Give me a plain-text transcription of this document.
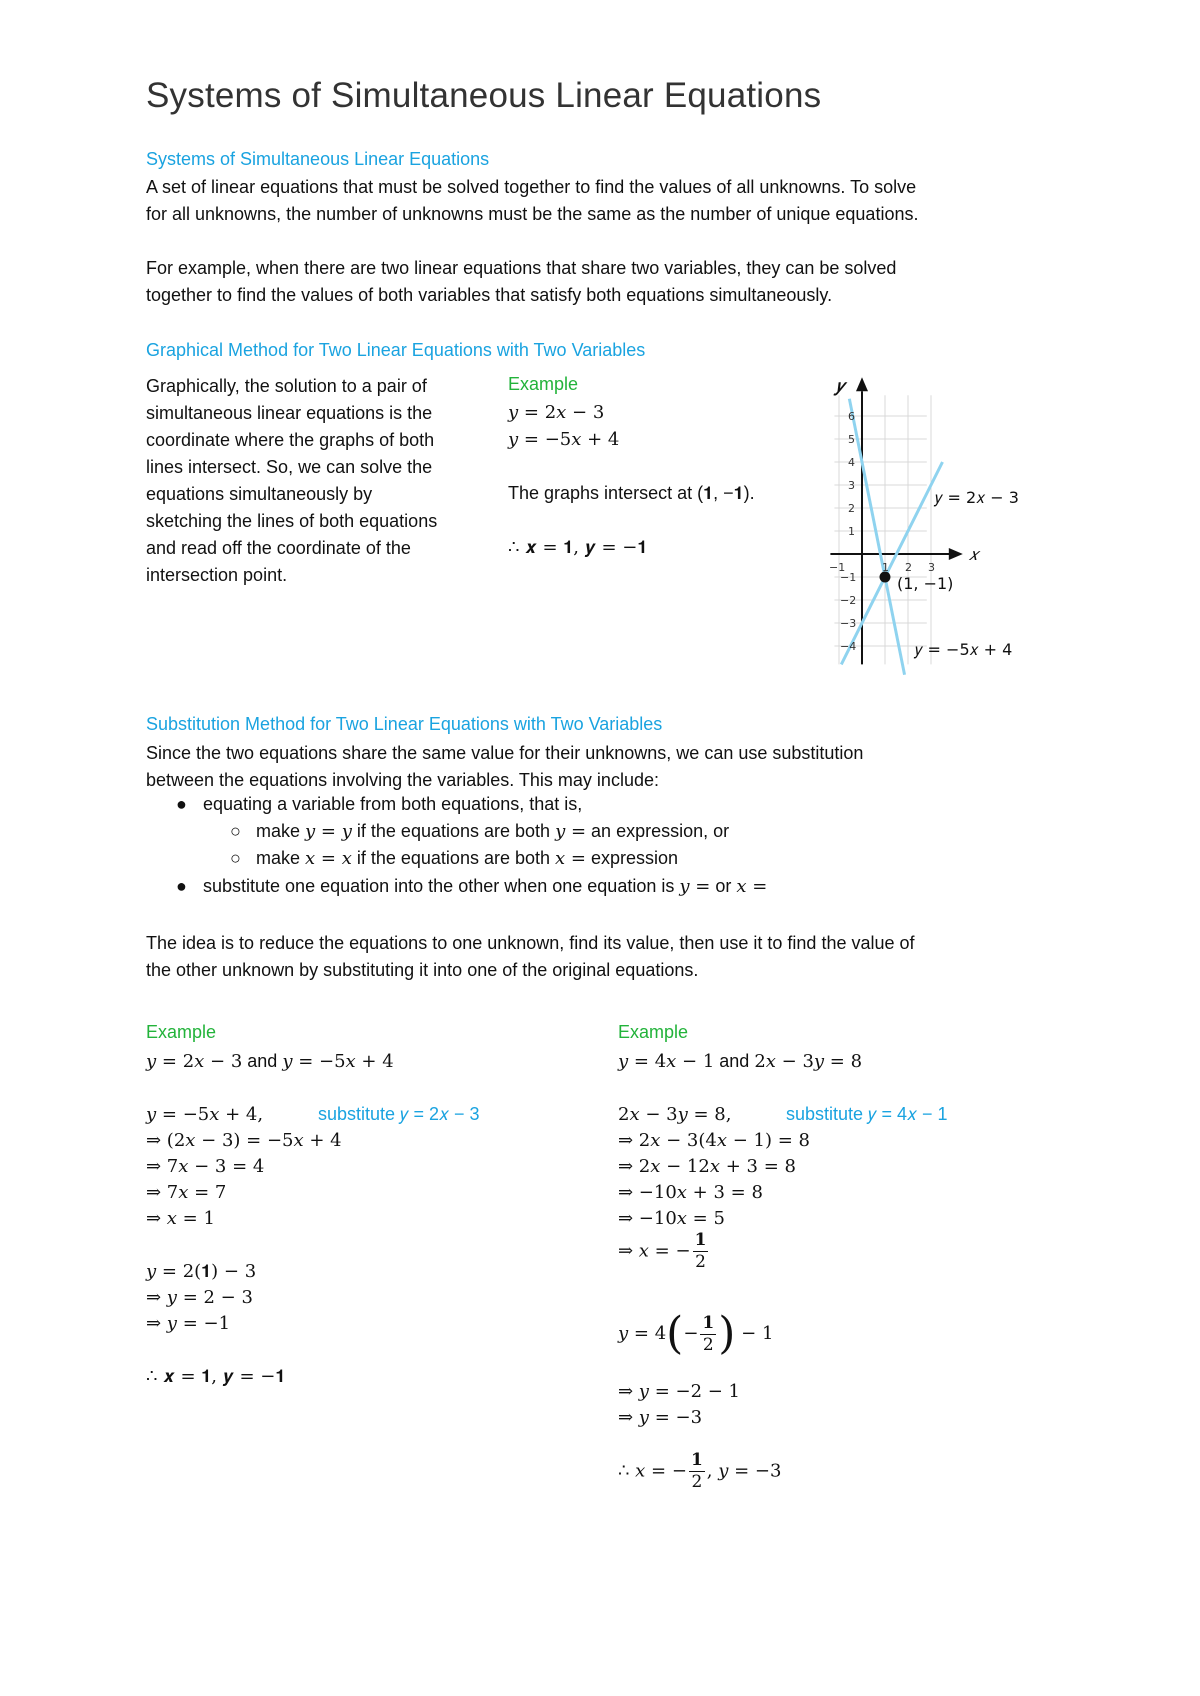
Systems of Simultaneous Linear Equations
Systems of Simultaneous Linear Equations
A set of linear equations that must be solved together to find the values of all unknowns. To solve
for all unknowns, the number of unknowns must be the same as the number of unique equations.
For example, when there are two linear equations that share two variables, they can be solved
together to find the values of both variables that satisfy both equations simultaneously.
Graphical Method for Two Linear Equations with Two Variables
Graphically, the solution to a pair of
simultaneous linear equations is the
coordinate where the graphs of both
lines intersect. So, we can solve the
equations simultaneously by
sketching the lines of both equations
and read off the coordinate of the
intersection point.
Example
𝑦 = 2𝑥 − 3
𝑦 = −5𝑥 + 4
The graphs intersect at (𝟏, −𝟏).
∴ 𝒙 = 𝟏, 𝒚 = −𝟏	𝑥
𝑦
−1	1 2 3
6
5
4
3
2
1
−1
−2
−3
−4
𝑦 = 2𝑥 − 3
𝑦 = −5𝑥 + 4
(1, −1)
Substitution Method for Two Linear Equations with Two Variables
Since the two equations share the same value for their unknowns, we can use substitution
between the equations involving the variables. This may include:
● equating a variable from both equations, that is,
○ make 𝑦 = 𝑦 if the equations are both 𝑦 = an expression, or
○ make 𝑥 = 𝑥 if the equations are both 𝑥 = expression
● substitute one equation into the other when one equation is 𝑦 = or 𝑥 =
The idea is to reduce the equations to one unknown, find its value, then use it to find the value of
the other unknown by substituting it into one of the original equations.
Example
𝑦 = 2𝑥 − 3 and 𝑦 = −5𝑥 + 4
𝑦 = −5𝑥 + 4,	substitute 𝑦 = 2𝑥 − 3
⇒ (2𝑥 − 3) = −5𝑥 + 4
⇒ 7𝑥 − 3 = 4
⇒ 7𝑥 = 7
⇒ 𝑥 = 1
𝑦 = 2(𝟏) − 3
⇒ 𝑦 = 2 − 3
⇒ 𝑦 = −1
∴ 𝒙 = 𝟏, 𝒚 = −𝟏
Example
𝑦 = 4𝑥 − 1 and 2𝑥 − 3𝑦 = 8
2𝑥 − 3𝑦 = 8,	substitute 𝑦 = 4𝑥 − 1
⇒ 2𝑥 − 3(4𝑥 − 1) = 8
⇒ 2𝑥 − 12𝑥 + 3 = 8
⇒ −10𝑥 + 3 = 8
⇒ −10𝑥 = 5
⇒ 𝑥 = − $\frac{1}{2}$
𝑦 = $4(- \frac{1}{2}$ ) − 1
⇒ 𝑦 = −2 − 1
⇒ 𝑦 = −3
∴ 𝑥 = − $\frac{1}{2}$ , 𝑦 = −3
